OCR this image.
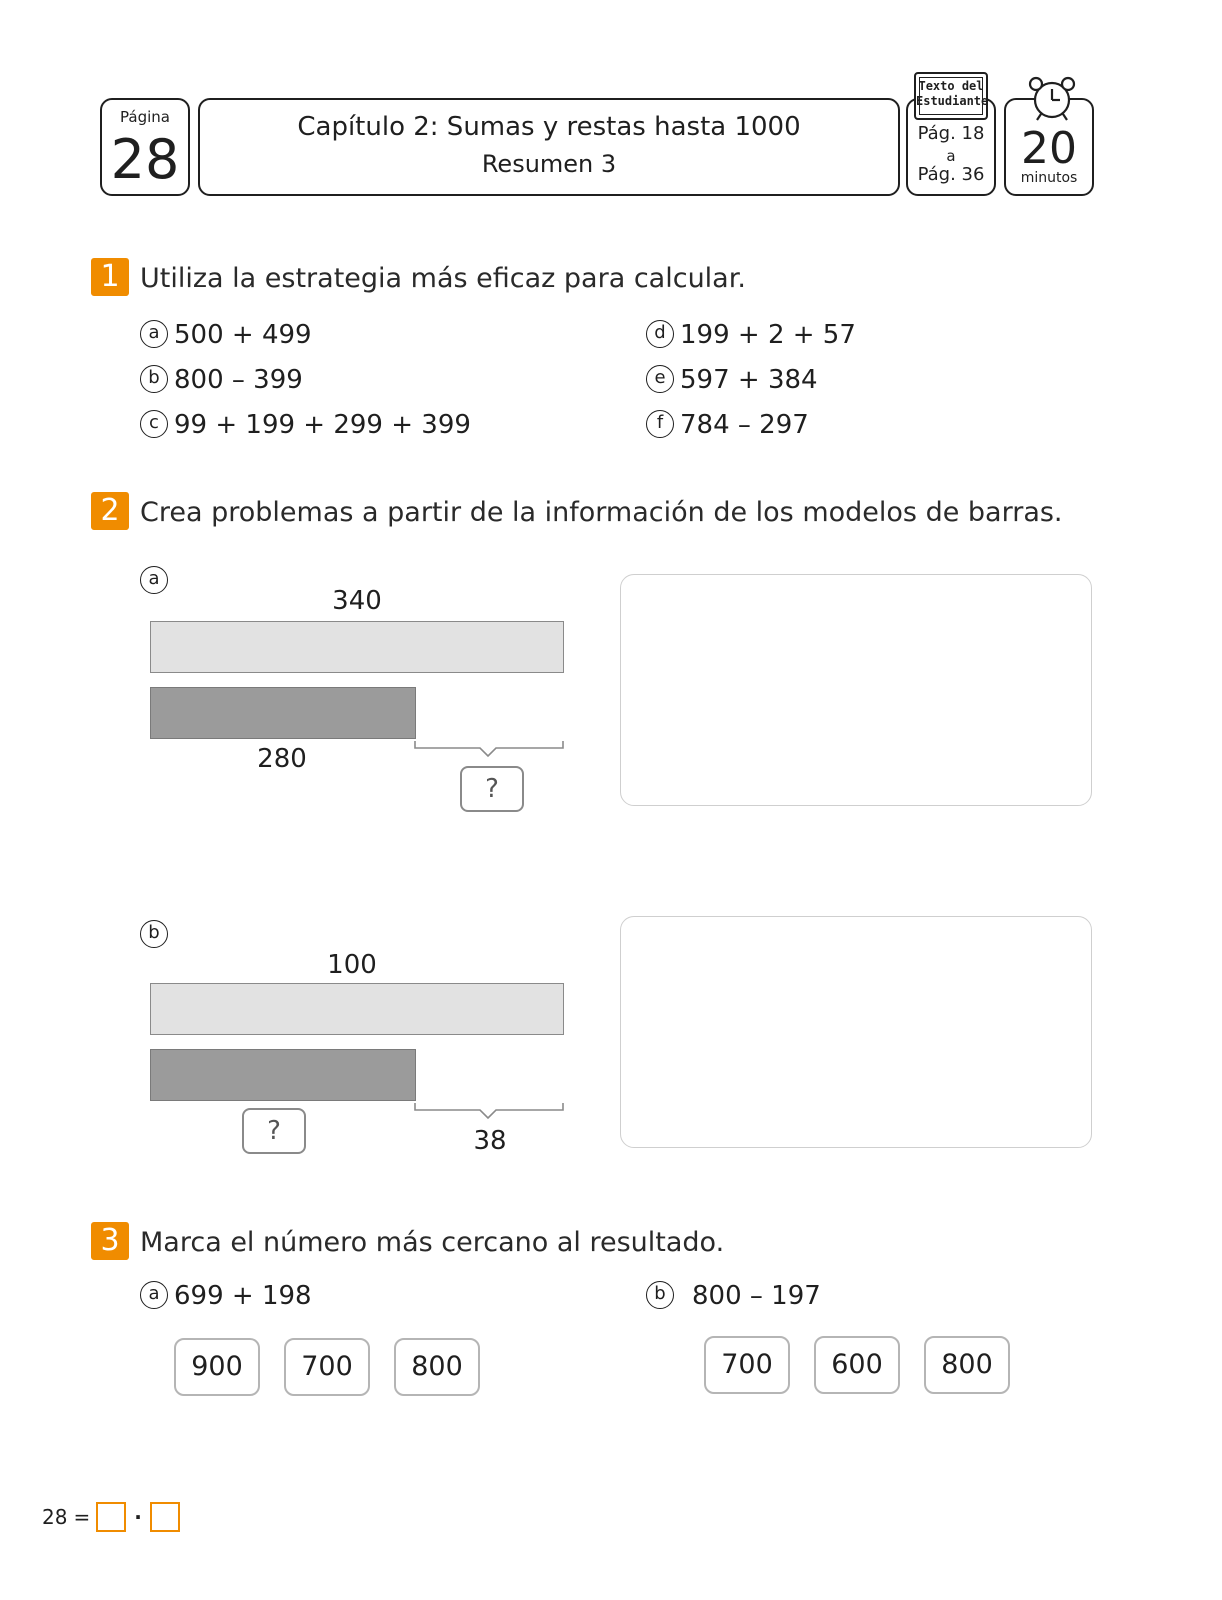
Página
28
Capítulo 2: Sumas y restas hasta 1000
Resumen 3
Pág. 18
a
Pág. 36
Texto del
Estudiante
20
minutos
1 Utiliza la estrategia más eficaz para calcular.
a 500 + 499
b 800 – 399
c 99 + 199 + 299 + 399
d 199 + 2 + 57
e 597 + 384
f 784 – 297
2 Crea problemas a partir de la información de los modelos de barras.
a
340
280
?
b
100
?	38
3 Marca el número más cercano al resultado.
a 699 + 198	b 800 – 197
900	700	800	700	600	800
28 = ·
